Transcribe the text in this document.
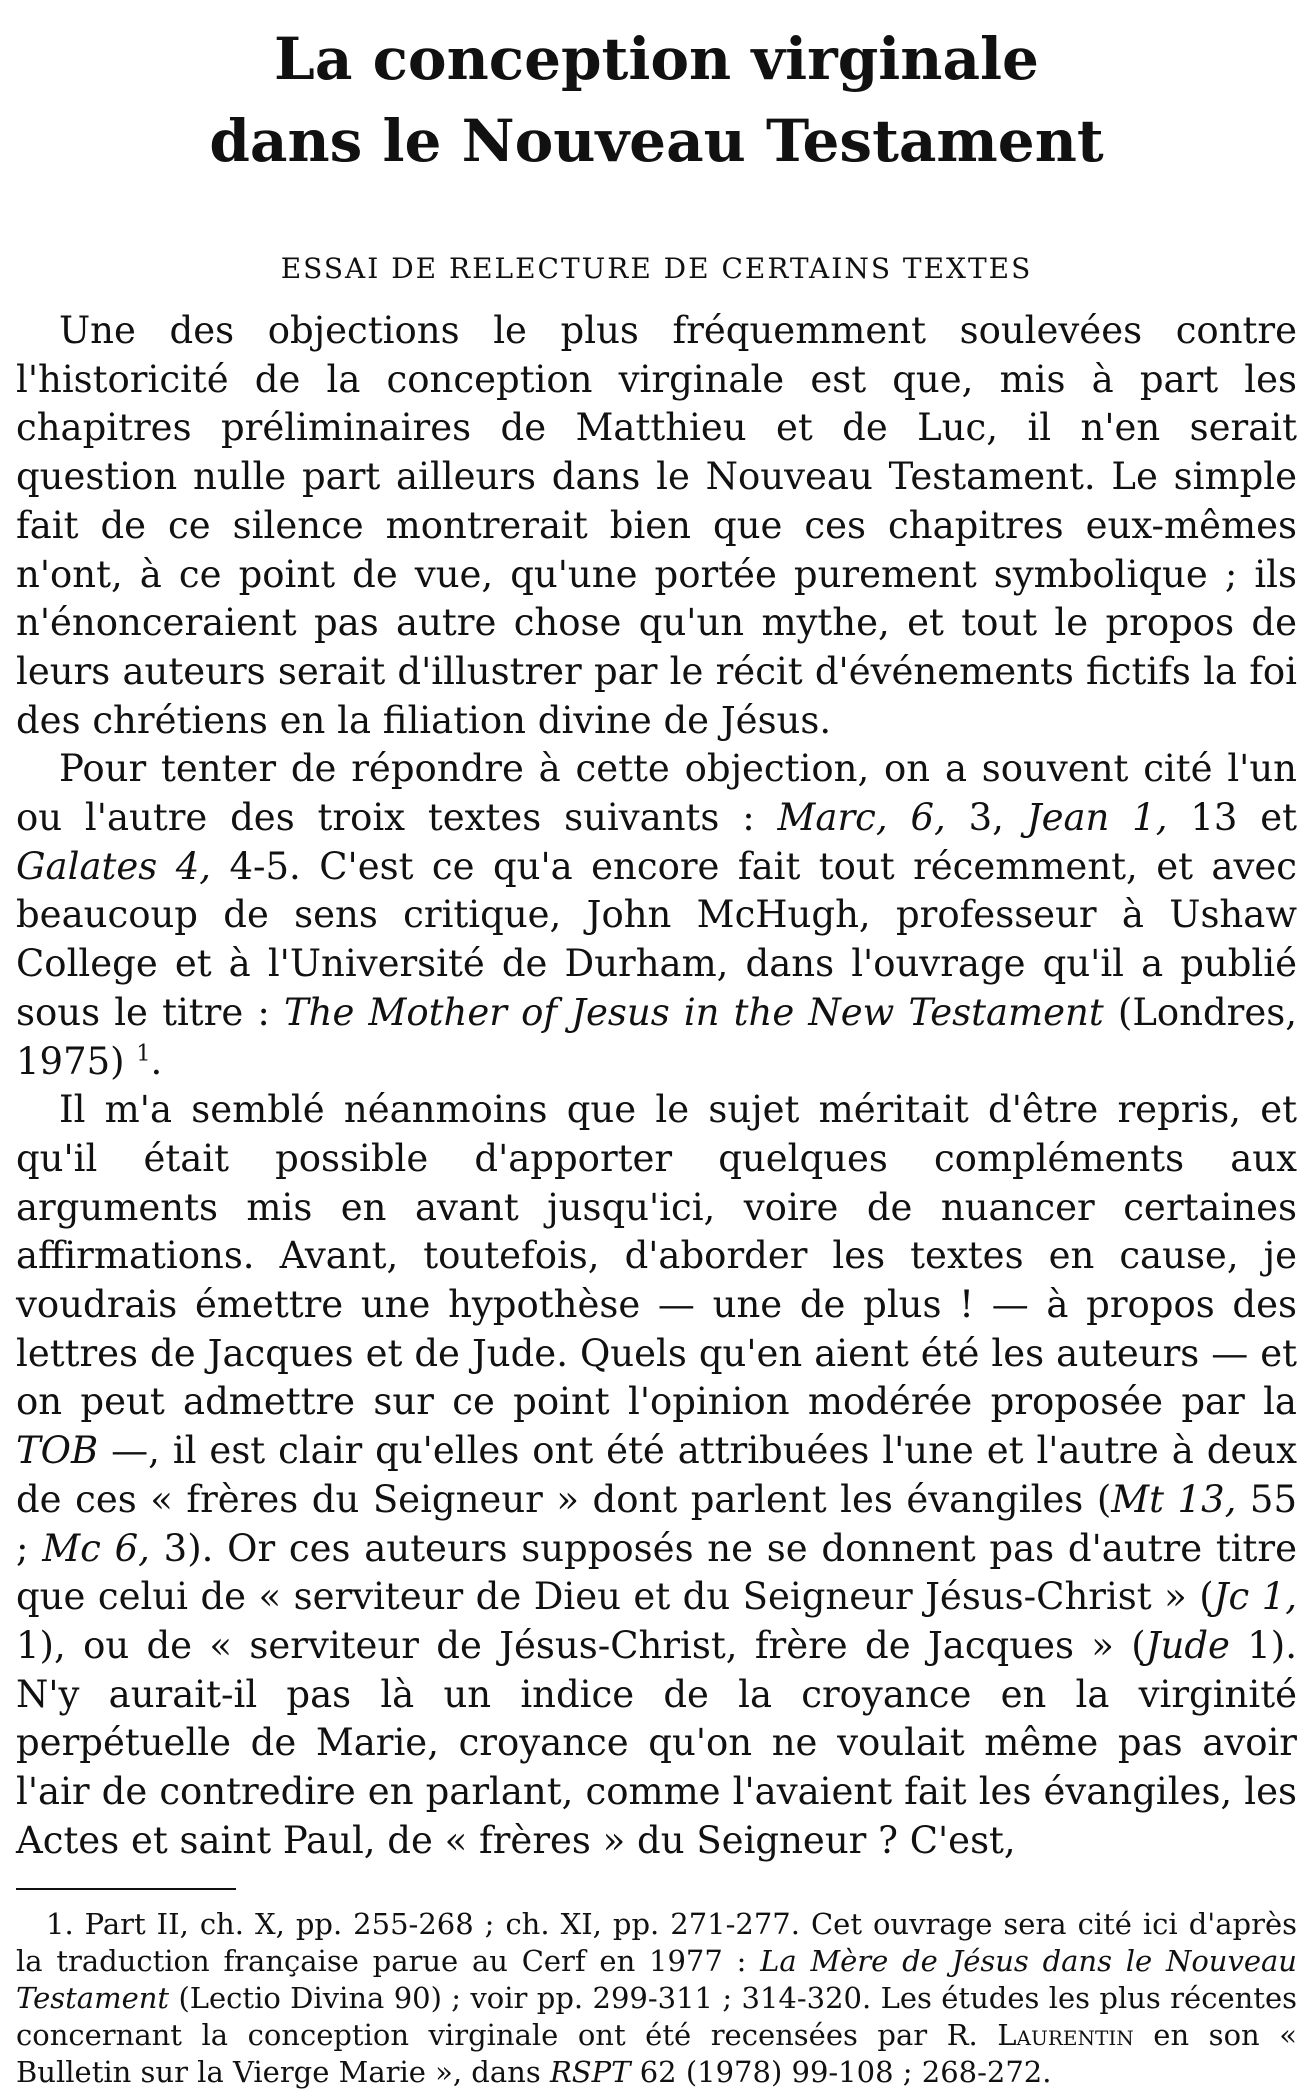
La conception virginale
dans le Nouveau Testament
ESSAI DE RELECTURE DE CERTAINS TEXTES

Une des objections le plus fréquemment soulevées contre l'historicité de la conception virginale est que, mis à part les chapitres préliminaires de Matthieu et de Luc, il n'en serait question nulle part ailleurs dans le Nouveau Testament. Le simple fait de ce silence montrerait bien que ces chapitres eux-mêmes n'ont, à ce point de vue, qu'une portée purement symbolique ; ils n'énonceraient pas autre chose qu'un mythe, et tout le propos de leurs auteurs serait d'illustrer par le récit d'événements fictifs la foi des chrétiens en la filiation divine de Jésus.

Pour tenter de répondre à cette objection, on a souvent cité l'un ou l'autre des troix textes suivants : Marc, 6, 3, Jean 1, 13 et Galates 4, 4-5. C'est ce qu'a encore fait tout récemment, et avec beaucoup de sens critique, John McHugh, professeur à Ushaw College et à l'Université de Durham, dans l'ouvrage qu'il a publié sous le titre : The Mother of Jesus in the New Testament (Londres, 1975) $^1$.

Il m'a semblé néanmoins que le sujet méritait d'être repris, et qu'il était possible d'apporter quelques compléments aux arguments mis en avant jusqu'ici, voire de nuancer certaines affirmations. Avant, toutefois, d'aborder les textes en cause, je voudrais émettre une hypothèse — une de plus ! — à propos des lettres de Jacques et de Jude. Quels qu'en aient été les auteurs — et on peut admettre sur ce point l'opinion modérée proposée par la TOB —, il est clair qu'elles ont été attribuées l'une et l'autre à deux de ces « frères du Seigneur » dont parlent les évangiles (Mt 13, 55 ; Mc 6, 3). Or ces auteurs supposés ne se donnent pas d'autre titre que celui de « serviteur de Dieu et du Seigneur Jésus-Christ » (Jc 1, 1), ou de « serviteur de Jésus-Christ, frère de Jacques » (Jude 1). N'y aurait-il pas là un indice de la croyance en la virginité perpétuelle de Marie, croyance qu'on ne voulait même pas avoir l'air de contredire en parlant, comme l'avaient fait les évangiles, les Actes et saint Paul, de « frères » du Seigneur ? C'est,

1. Part II, ch. X, pp. 255-268 ; ch. XI, pp. 271-277. Cet ouvrage sera cité ici d'après la traduction française parue au Cerf en 1977 : La Mère de Jésus dans le Nouveau Testament (Lectio Divina 90) ; voir pp. 299-311 ; 314-320. Les études les plus récentes concernant la conception virginale ont été recensées par R. Laurentin en son « Bulletin sur la Vierge Marie », dans RSPT 62 (1978) 99-108 ; 268-272.
